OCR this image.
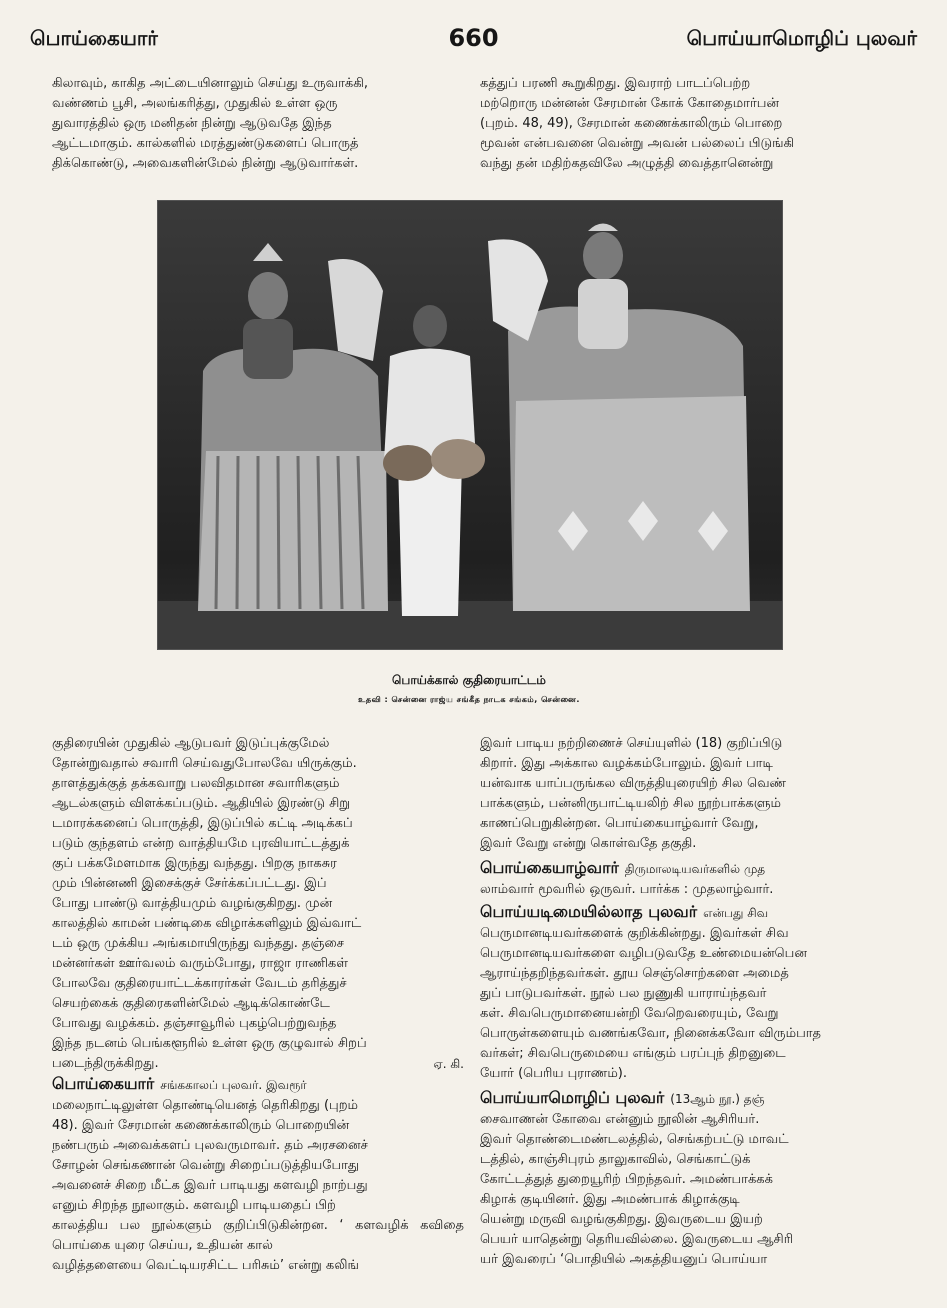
பொய்கையார்	660	பொய்யாமொழிப் புலவர்
கிலாவும், காகித அட்டையினாலும் செய்து உருவாக்கி,
வண்ணம் பூசி, அலங்கரித்து, முதுகில் உள்ள ஒரு
துவாரத்தில் ஒரு மனிதன் நின்று ஆடுவதே இந்த
ஆட்டமாகும். கால்களில் மரத்துண்டுகளைப் பொருத்
திக்கொண்டு, அவைகளின்மேல் நின்று ஆடுவார்கள்.
கத்துப் பரணி கூறுகிறது. இவராற் பாடப்பெற்ற
மற்றொரு மன்னன் சேரமான் கோக் கோதைமார்பன்
(புறம். 48, 49), சேரமான் கணைக்காலிரும் பொறை
மூவன் என்பவனை வென்று அவன் பல்லைப் பிடுங்கி
வந்து தன் மதிற்கதவிலே அழுத்தி வைத்தானென்று
பொய்க்கால் குதிரையாட்டம்
உதவி : சென்னை ராஜ்ய சங்கீத நாடக சங்கம், சென்னை.
குதிரையின் முதுகில் ஆடுபவர் இடுப்புக்குமேல்
தோன்றுவதால் சவாரி செய்வதுபோலவே யிருக்கும்.
தாளத்துக்குத் தக்கவாறு பலவிதமான சவாரிகளும்
ஆடல்களும் விளக்கப்படும். ஆதியில் இரண்டு சிறு
டமாரக்கனைப் பொருத்தி, இடுப்பில் கட்டி அடிக்கப்
படும் குந்தளம் என்ற வாத்தியமே புரவியாட்டத்துக்
குப் பக்கமேளமாக இருந்து வந்தது. பிறகு நாகசுர
மும் பின்னணி இசைக்குச் சேர்க்கப்பட்டது. இப்
போது பாண்டு வாத்தியமும் வழங்குகிறது. முன்
காலத்தில் காமன் பண்டிகை விழாக்களிலும் இவ்வாட்
டம் ஒரு முக்கிய அங்கமாயிருந்து வந்தது. தஞ்சை
மன்னர்கள் ஊர்வலம் வரும்போது, ராஜா ராணிகள்
போலவே குதிரையாட்டக்காரர்கள் வேடம் தரித்துச்
செயற்கைக் குதிரைகளின்மேல் ஆடிக்கொண்டே
போவது வழக்கம். தஞ்சாவூரில் புகழ்பெற்றுவந்த
இந்த நடனம் பெங்களூரில் உள்ள ஒரு குழுவால் சிறப்
படைந்திருக்கிறது.	ஏ. கி.
பொய்கையார் சங்ககாலப் புலவர். இவரூர்
மலைநாட்டிலுள்ள தொண்டியெனத் தெரிகிறது (புறம்
48). இவர் சேரமான் கணைக்காலிரும் பொறையின்
நண்பரும் அவைக்களப் புலவருமாவர். தம் அரசனைச்
சோழன் செங்கணான் வென்று சிறைப்படுத்தியபோது
அவனைச் சிறை மீட்க இவர் பாடியது களவழி நாற்பது
எனும் சிறந்த நூலாகும். களவழி பாடியதைப் பிற்
காலத்திய பல நூல்களும் குறிப்பிடுகின்றன. ‘ களவழிக் கவிதை பொய்கை யுரை செய்ய, உதியன் கால்
வழித்தளையை வெட்டியரசிட்ட பரிசும்’ என்று கலிங்
இவர் பாடிய நற்றிணைச் செய்யுளில் (18) குறிப்பிடு
கிறார். இது அக்கால வழக்கம்போலும். இவர் பாடி
யன்வாக யாப்பருங்கல விருத்தியுரையிற் சில வெண்
பாக்களும், பன்னிருபாட்டியலிற் சில நூற்பாக்களும்
காணப்பெறுகின்றன. பொய்கையாழ்வார் வேறு,
இவர் வேறு என்று கொள்வதே தகுதி.
பொய்கையாழ்வார் திருமாலடியவர்களில் முத
லாம்வார் மூவரில் ஒருவர். பார்க்க : முதலாழ்வார்.
பொய்யடிமையில்லாத புலவர் என்பது சிவ
பெருமானடியவர்களைக் குறிக்கின்றது. இவர்கள் சிவ
பெருமானடியவர்களை வழிபடுவதே உண்மையன்பென
ஆராய்ந்தறிந்தவர்கள். தூய செஞ்சொற்களை அமைத்
துப் பாடுபவர்கள். நூல் பல நுணுகி யாராய்ந்தவர்
கள். சிவபெருமானையன்றி வேறெவரையும், வேறு
பொருள்களையும் வணங்கவோ, நினைக்கவோ விரும்பாத
வர்கள்; சிவபெருமையை எங்கும் பரப்புந் திறனுடை
யோர் (பெரிய புராணம்).
பொய்யாமொழிப் புலவர் (13ஆம் நூ.) தஞ்
சைவாணன் கோவை என்னும் நூலின் ஆசிரியர்.
இவர் தொண்டைமண்டலத்தில், செங்கற்பட்டு மாவட்
டத்தில், காஞ்சிபுரம் தாலுகாவில், செங்காட்டுக்
கோட்டத்துத் துறையூரிற் பிறந்தவர். அமண்பாக்கக்
கிழாக் குடியினர். இது அமண்பாக் கிழாக்குடி
யென்று மருவி வழங்குகிறது. இவருடைய இயற்
பெயர் யாதென்று தெரியவில்லை. இவருடைய ஆசிரி
யர் இவரைப் ‘பொதியில் அகத்தியனுப் பொய்யா
